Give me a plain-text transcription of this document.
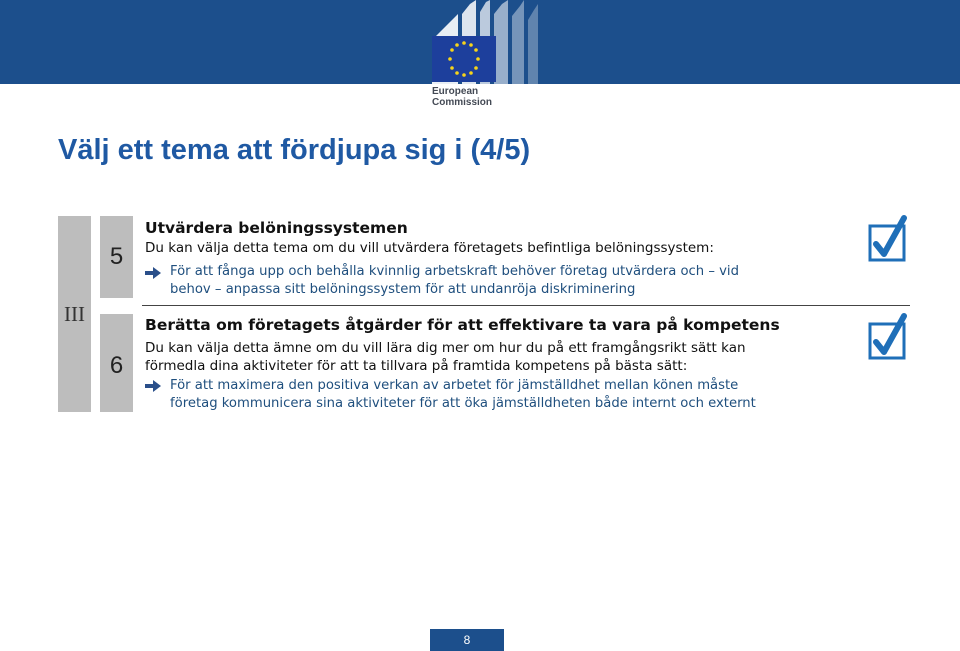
European
Commission
Välj ett tema att fördjupa sig i (4/5)
III
5
6

Utvärdera belöningssystemen

Du kan välja detta tema om du vill utvärdera företagets befintliga belöningssystem:

För att fånga upp och behålla kvinnlig arbetskraft behöver företag utvärdera och – vid
behov – anpassa sitt belöningssystem för att undanröja diskriminering

Berätta om företagets åtgärder för att effektivare ta vara på kompetens

Du kan välja detta ämne om du vill lära dig mer om hur du på ett framgångsrikt sätt kan
förmedla dina aktiviteter för att ta tillvara på framtida kompetens på bästa sätt:
För att maximera den positiva verkan av arbetet för jämställdhet mellan könen måste
företag kommunicera sina aktiviteter för att öka jämställdheten både internt och externt
8
